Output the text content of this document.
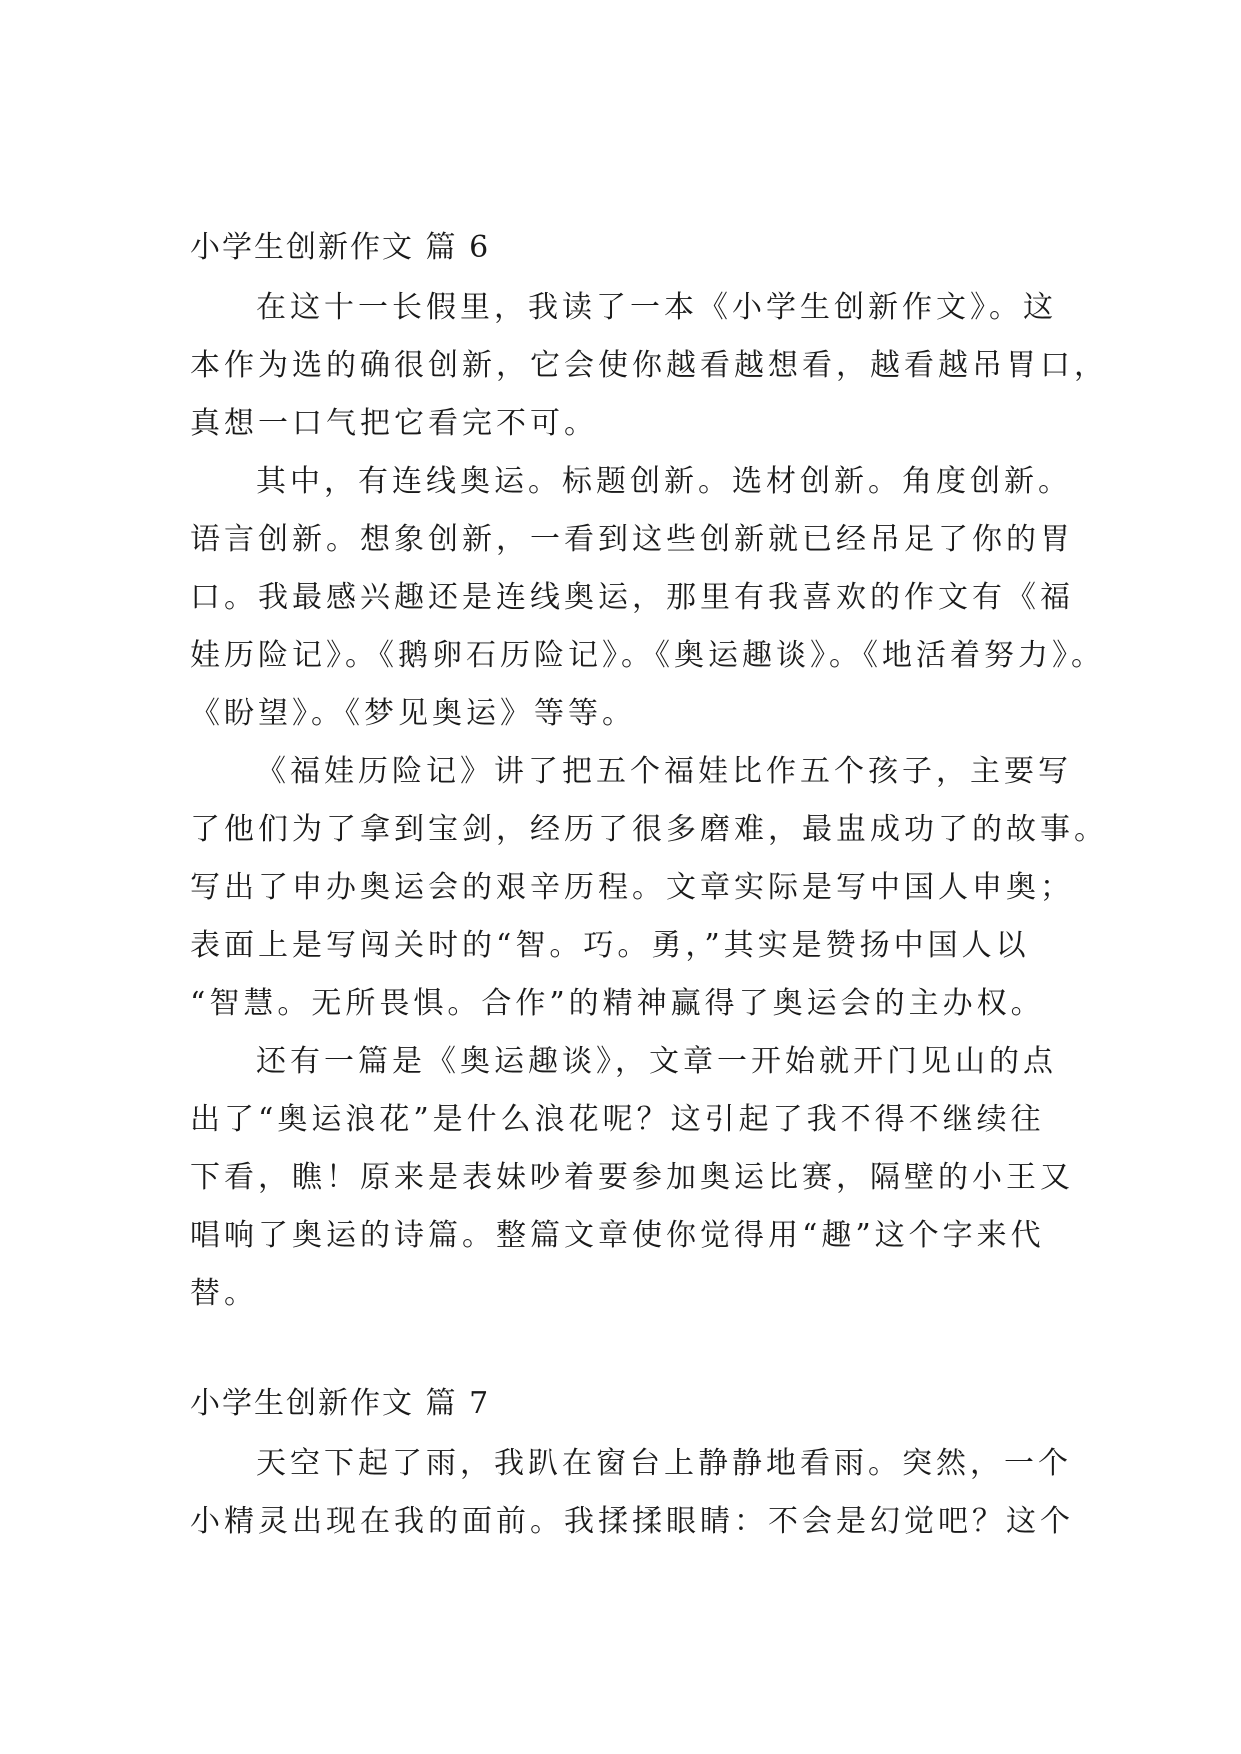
小学生创新作文 篇 6
在这十一长假里，我读了一本《小学生创新作文》。这
本作为选的确很创新，它会使你越看越想看，越看越吊胃口，
真想一口气把它看完不可。
其中，有连线奥运。标题创新。选材创新。角度创新。
语言创新。想象创新，一看到这些创新就已经吊足了你的胃
口。我最感兴趣还是连线奥运，那里有我喜欢的作文有《福
娃历险记》。《鹅卵石历险记》。《奥运趣谈》。《地活着努力》。
《盼望》。《梦见奥运》等等。
《福娃历险记》讲了把五个福娃比作五个孩子，主要写
了他们为了拿到宝剑，经历了很多磨难，最盅成功了的故事。
写出了申办奥运会的艰辛历程。文章实际是写中国人申奥；
表面上是写闯关时的“智。巧。勇，”其实是赞扬中国人以
“智慧。无所畏惧。合作”的精神赢得了奥运会的主办权。
还有一篇是《奥运趣谈》，文章一开始就开门见山的点
出了“奥运浪花”是什么浪花呢？这引起了我不得不继续往
下看，瞧！原来是表妹吵着要参加奥运比赛，隔壁的小王又
唱响了奥运的诗篇。整篇文章使你觉得用“趣”这个字来代
替。
小学生创新作文 篇 7
天空下起了雨，我趴在窗台上静静地看雨。突然，一个
小精灵出现在我的面前。我揉揉眼睛：不会是幻觉吧？这个
